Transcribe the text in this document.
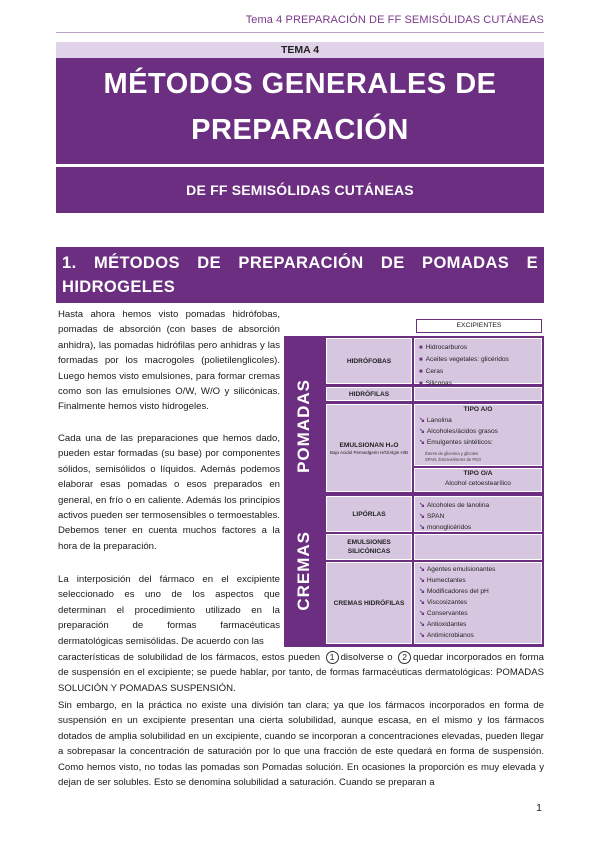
Tema 4 PREPARACIÓN DE FF SEMISÓLIDAS CUTÁNEAS
TEMA 4
MÉTODOS GENERALES DE
PREPARACIÓN
DE FF SEMISÓLIDAS CUTÁNEAS
1. MÉTODOS DE PREPARACIÓN DE POMADAS E HIDROGELES

Hasta ahora hemos visto pomadas hidrófobas, pomadas de absorción (con bases de absorción anhidra), las pomadas hidrófilas pero anhidras y las formadas por los macrogoles (polietilenglicoles). Luego hemos visto emulsiones, para formar cremas como son las emulsiones O/W, W/O y silicónicas. Finalmente hemos visto hidrogeles.

Cada una de las preparaciones que hemos dado, pueden estar formadas (su base) por componentes sólidos, semisólidos o líquidos. Además podemos elaborar esas pomadas o esos preparados en general, en frío o en caliente. Además los principios activos pueden ser termosensibles o termoestables. Debemos tener en cuenta muchos factores a la hora de la preparación.

La interposición del fármaco en el excipiente seleccionado es uno de los aspectos que determinan el procedimiento utilizado en la preparación de formas farmacéuticas dermatológicas semisólidas. De acuerdo con las

características de solubilidad de los fármacos, estos pueden 1 disolverse o 2 quedar incorporados en forma de suspensión en el excipiente; se puede hablar, por tanto, de formas farmacéuticas dermatológicas: POMADAS SOLUCIÓN Y POMADAS SUSPENSIÓN.

Sin embargo, en la práctica no existe una división tan clara; ya que los fármacos incorporados en forma de suspensión en un excipiente presentan una cierta solubilidad, aunque escasa, en el mismo y los fármacos dotados de amplia solubilidad en un excipiente, cuando se incorporan a concentraciones elevadas, pueden llegar a sobrepasar la concentración de saturación por lo que una fracción de este quedará en forma de suspensión. Como hemos visto, no todas las pomadas son Pomadas solución. En ocasiones la proporción es muy elevada y dejan de ser solubles. Esto se denomina solubilidad a saturación. Cuando se preparan a

EXCIPIENTES
POMADAS
HIDRÓFOBAS
■ Hidrocarburos
■ Aceites vegetales: glicéridos
■ Ceras
■ Siliconas
HIDRÓFILAS
EMULSIONAN H₂O
Bajo Acidol Pensedgerin H/O/Algin H/B
TIPO A/O
↘ Lanolina
↘ Alcoholes/ácidos grasos
↘ Emulgentes sintéticos:
Éteres de glicerina y glicoles
SPAN, Ésteres/éteres de PEG
TIPO O/A
Alcohol cetoestearílico
CREMAS
LIPÓRLAS
↘ Alcoholes de lanolina
↘ SPAN
↘ monoglicéridos
EMULSIONES SILICÓNICAS
CREMAS HIDRÓFILAS
↘ Agentes emulsionantes
↘ Humectantes
↘ Modificadores del pH
↘ Viscosizantes
↘ Conservantes
↘ Antioxidantes
↘ Antimicrobianos
1
